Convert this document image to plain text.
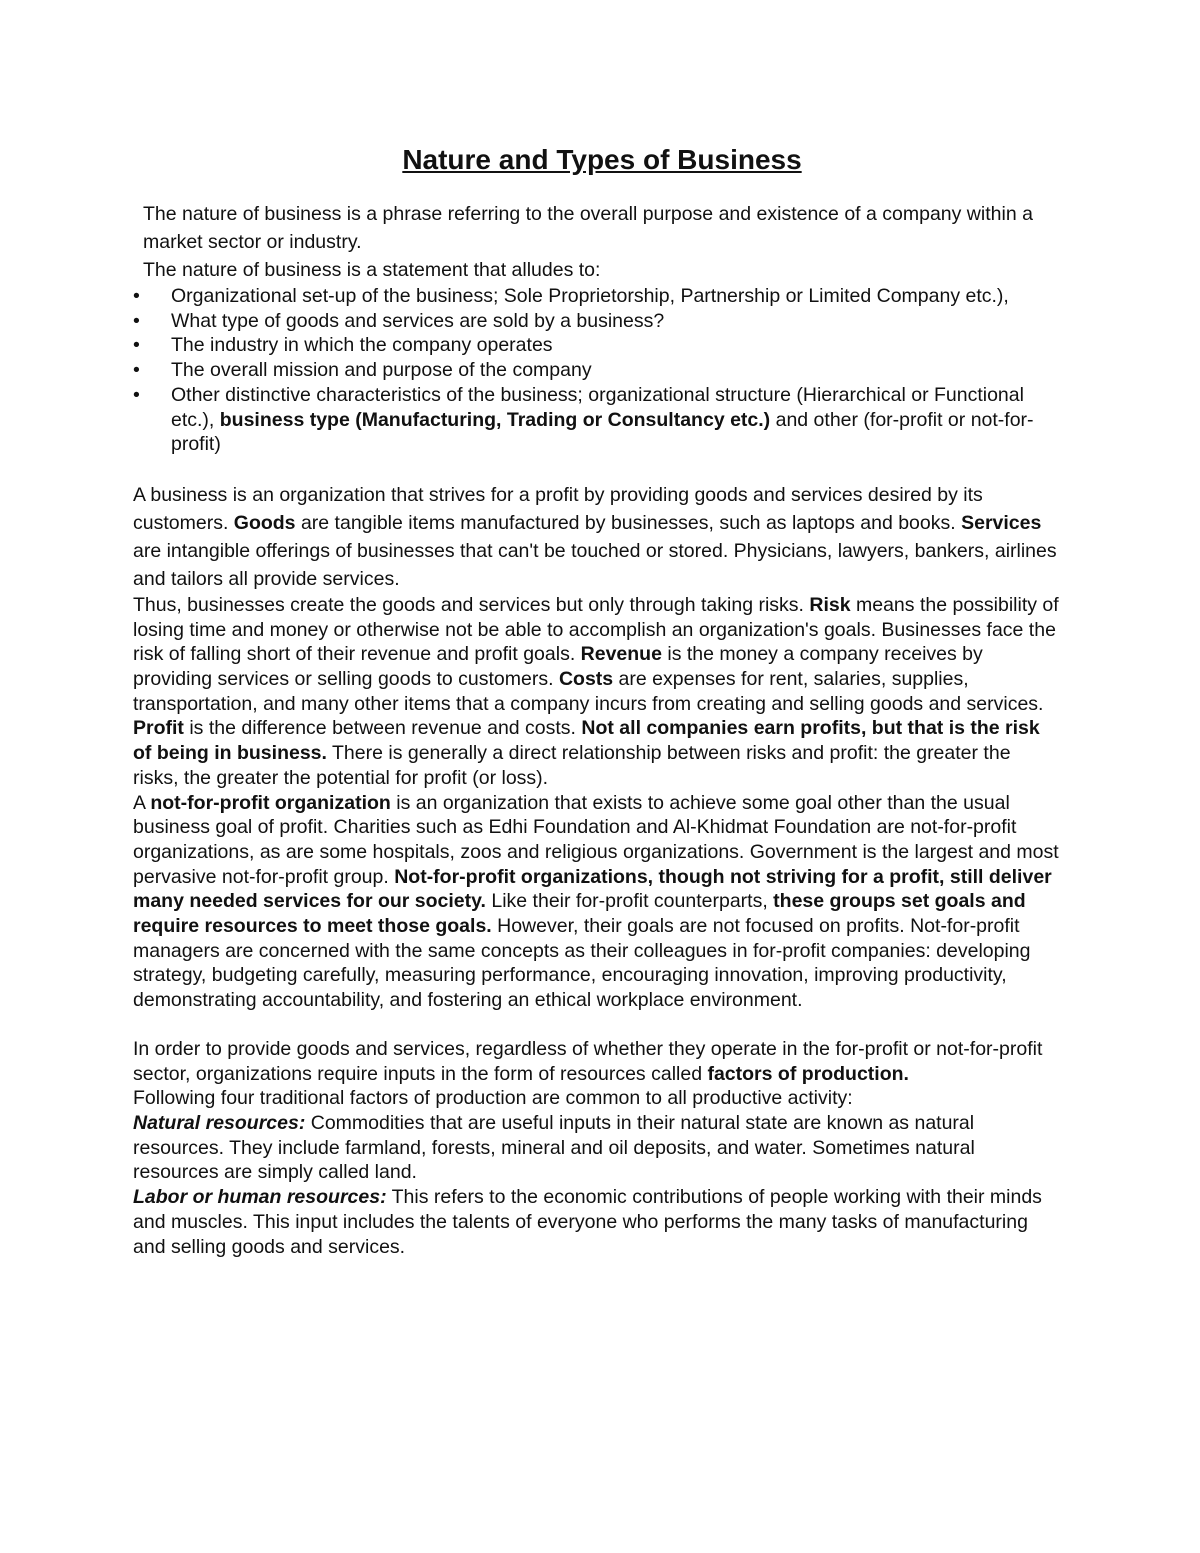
Nature and Types of Business

The nature of business is a phrase referring to the overall purpose and existence of a company within a market sector or industry.

The nature of business is a statement that alludes to:

• Organizational set-up of the business; Sole Proprietorship, Partnership or Limited Company etc.),
• What type of goods and services are sold by a business?
• The industry in which the company operates
• The overall mission and purpose of the company
• Other distinctive characteristics of the business; organizational structure (Hierarchical or Functional etc.), business type (Manufacturing, Trading or Consultancy etc.) and other (for-profit or not-for-profit)

A business is an organization that strives for a profit by providing goods and services desired by its customers. Goods are tangible items manufactured by businesses, such as laptops and books. Services are intangible offerings of businesses that can't be touched or stored. Physicians, lawyers, bankers, airlines and tailors all provide services.

Thus, businesses create the goods and services but only through taking risks. Risk means the possibility of losing time and money or otherwise not be able to accomplish an organization's goals. Businesses face the risk of falling short of their revenue and profit goals. Revenue is the money a company receives by providing services or selling goods to customers. Costs are expenses for rent, salaries, supplies, transportation, and many other items that a company incurs from creating and selling goods and services. Profit is the difference between revenue and costs. Not all companies earn profits, but that is the risk of being in business. There is generally a direct relationship between risks and profit: the greater the risks, the greater the potential for profit (or loss).

A not-for-profit organization is an organization that exists to achieve some goal other than the usual business goal of profit. Charities such as Edhi Foundation and Al-Khidmat Foundation are not-for-profit organizations, as are some hospitals, zoos and religious organizations. Government is the largest and most pervasive not-for-profit group. Not-for-profit organizations, though not striving for a profit, still deliver many needed services for our society. Like their for-profit counterparts, these groups set goals and require resources to meet those goals. However, their goals are not focused on profits. Not-for-profit managers are concerned with the same concepts as their colleagues in for-profit companies: developing strategy, budgeting carefully, measuring performance, encouraging innovation, improving productivity, demonstrating accountability, and fostering an ethical workplace environment.

In order to provide goods and services, regardless of whether they operate in the for-profit or not-for-profit sector, organizations require inputs in the form of resources called factors of production.

Following four traditional factors of production are common to all productive activity:

Natural resources: Commodities that are useful inputs in their natural state are known as natural resources. They include farmland, forests, mineral and oil deposits, and water. Sometimes natural resources are simply called land.

Labor or human resources: This refers to the economic contributions of people working with their minds and muscles. This input includes the talents of everyone who performs the many tasks of manufacturing and selling goods and services.
